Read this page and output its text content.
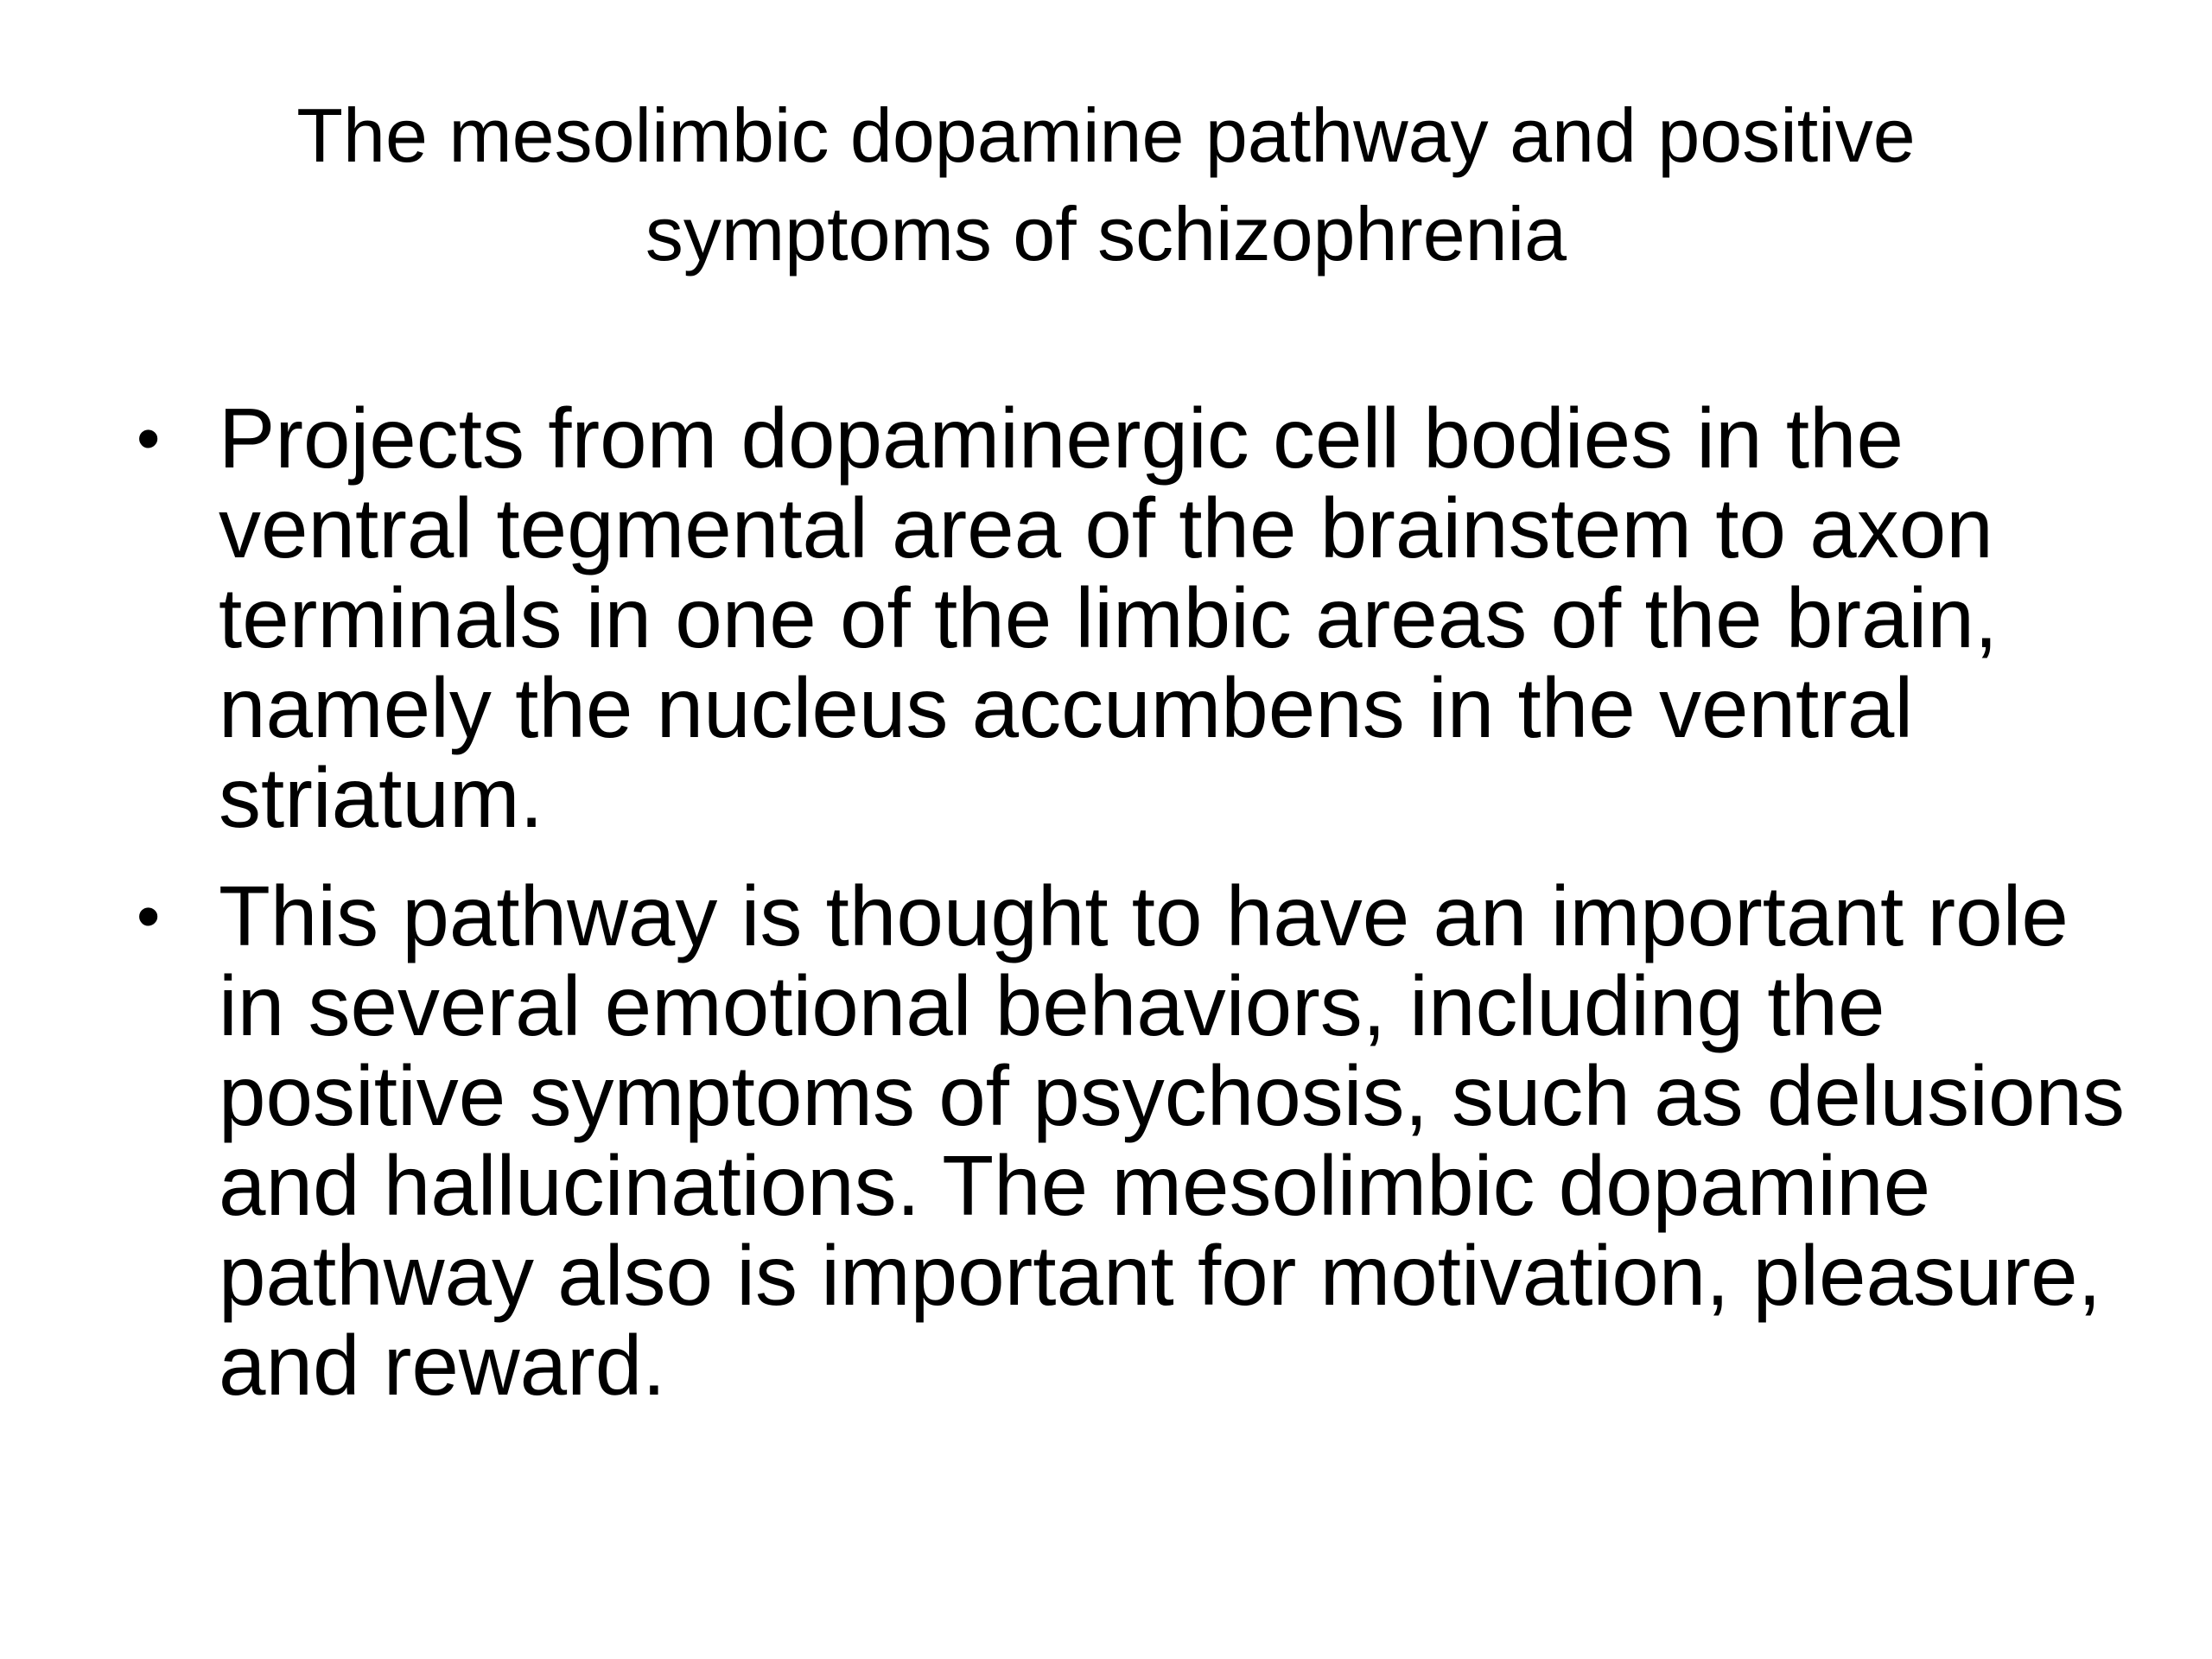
The mesolimbic dopamine pathway and positive symptoms of schizophrenia
• Projects from dopaminergic cell bodies in the ventral tegmental area of the brainstem to axon terminals in one of the limbic areas of the brain, namely the nucleus accumbens in the ventral striatum.
• This pathway is thought to have an important role in several emotional behaviors, including the positive symptoms of psychosis, such as delusions and hallucinations. The mesolimbic dopamine pathway also is important for motivation, pleasure, and reward.
